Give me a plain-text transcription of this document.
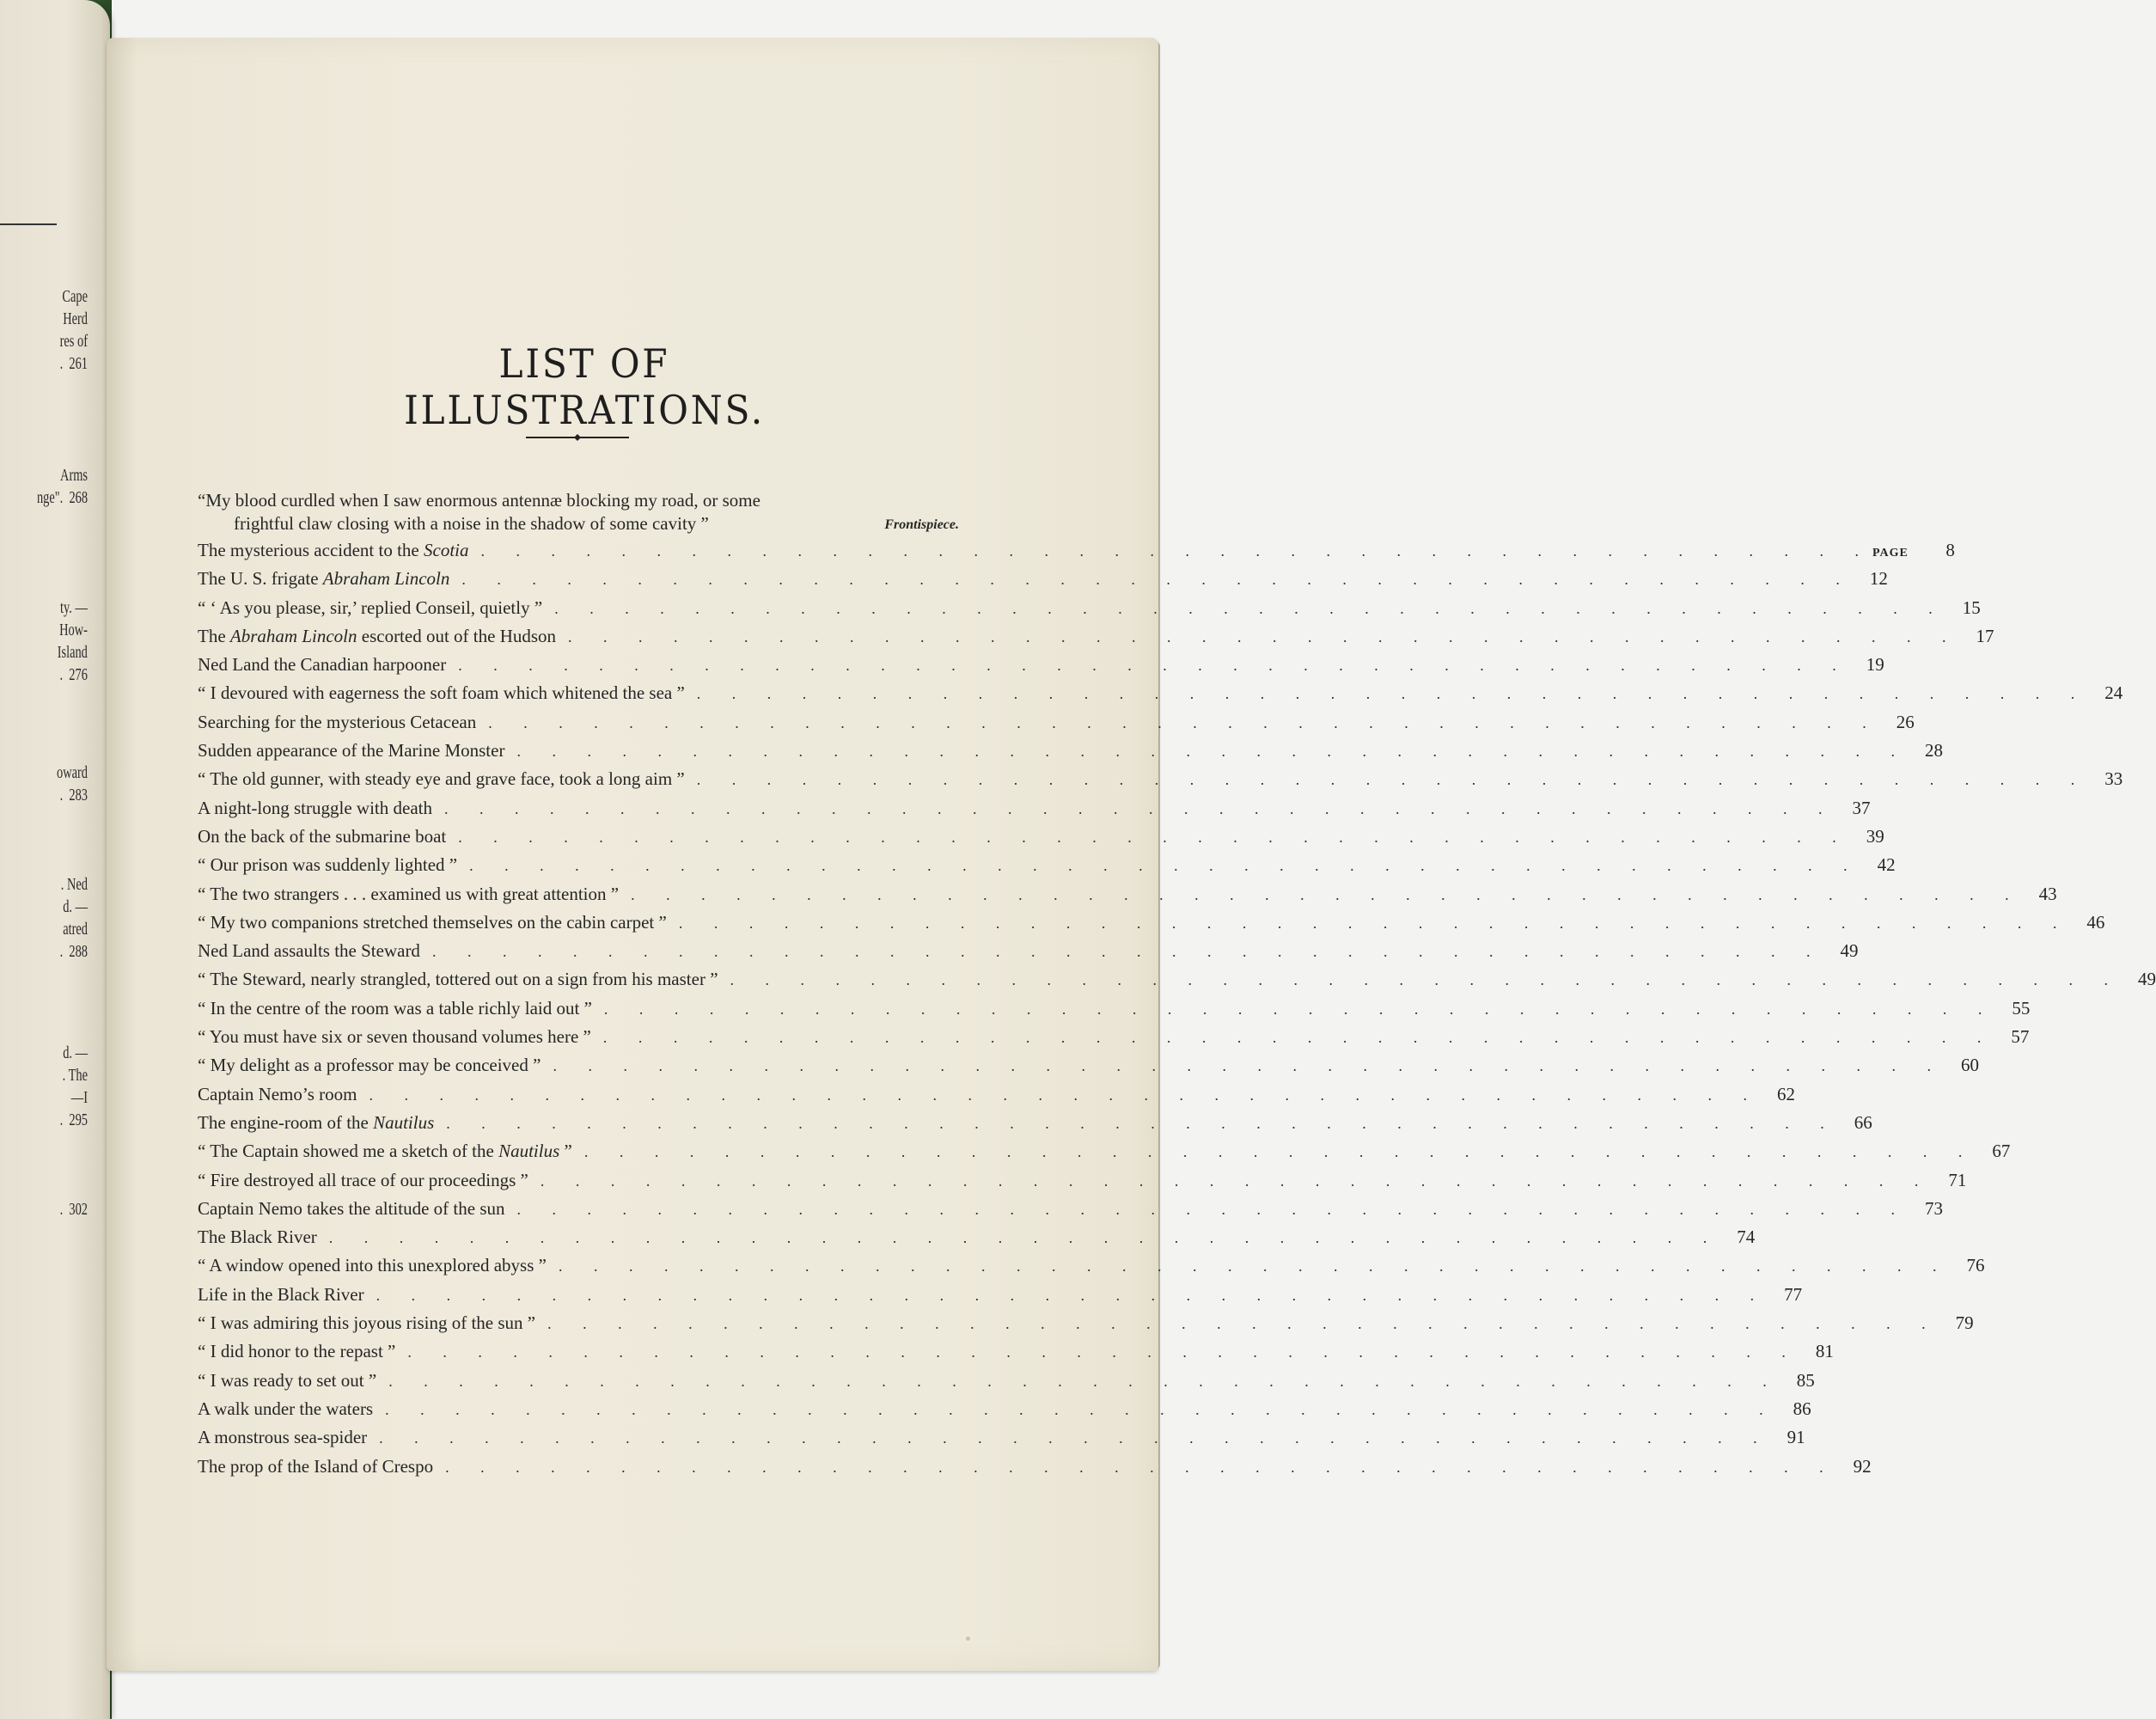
Cape
Herd
res of
.  261
Arms
nge".  268
ty. —
How-
Island
.  276
oward
.  283
. Ned
d. —
atred
.  288
d. —
. The
—I
.  295
.  302
LIST OF ILLUSTRATIONS.
“My blood curdled when I saw enormous antennæ blocking my road, or some
frightful claw closing with a noise in the shadow of some cavity ”	Frontispiece.
The mysterious accident to the Scotia . . . . . . . . . . . . . . . . . . . . . . . . . . . . . . . . . . . . . . . . PAGE	8
The U. S. frigate Abraham Lincoln . . . . . . . . . . . . . . . . . . . . . . . . . . . . . . . . . . . . . . . . 12
“ ‘ As you please, sir,’ replied Conseil, quietly ” . . . . . . . . . . . . . . . . . . . . . . . . . . . . . . . . . . . . . . . . 15
The Abraham Lincoln escorted out of the Hudson . . . . . . . . . . . . . . . . . . . . . . . . . . . . . . . . . . . . . . . . 17
Ned Land the Canadian harpooner . . . . . . . . . . . . . . . . . . . . . . . . . . . . . . . . . . . . . . . . 19
“ I devoured with eagerness the soft foam which whitened the sea ” . . . . . . . . . . . . . . . . . . . . . . . . . . . . . . . . . . . . . . . . 24
Searching for the mysterious Cetacean . . . . . . . . . . . . . . . . . . . . . . . . . . . . . . . . . . . . . . . . 26
Sudden appearance of the Marine Monster . . . . . . . . . . . . . . . . . . . . . . . . . . . . . . . . . . . . . . . . 28
“ The old gunner, with steady eye and grave face, took a long aim ” . . . . . . . . . . . . . . . . . . . . . . . . . . . . . . . . . . . . . . . . 33
A night-long struggle with death . . . . . . . . . . . . . . . . . . . . . . . . . . . . . . . . . . . . . . . . 37
On the back of the submarine boat . . . . . . . . . . . . . . . . . . . . . . . . . . . . . . . . . . . . . . . . 39
“ Our prison was suddenly lighted ” . . . . . . . . . . . . . . . . . . . . . . . . . . . . . . . . . . . . . . . . 42
“ The two strangers . . . examined us with great attention ” . . . . . . . . . . . . . . . . . . . . . . . . . . . . . . . . . . . . . . . . 43
“ My two companions stretched themselves on the cabin carpet ” . . . . . . . . . . . . . . . . . . . . . . . . . . . . . . . . . . . . . . . . 46
Ned Land assaults the Steward . . . . . . . . . . . . . . . . . . . . . . . . . . . . . . . . . . . . . . . . 49
“ The Steward, nearly strangled, tottered out on a sign from his master ” . . . . . . . . . . . . . . . . . . . . . . . . . . . . . . . . . . . . . . . . 49
“ In the centre of the room was a table richly laid out ” . . . . . . . . . . . . . . . . . . . . . . . . . . . . . . . . . . . . . . . . 55
“ You must have six or seven thousand volumes here ” . . . . . . . . . . . . . . . . . . . . . . . . . . . . . . . . . . . . . . . . 57
“ My delight as a professor may be conceived ” . . . . . . . . . . . . . . . . . . . . . . . . . . . . . . . . . . . . . . . . 60
Captain Nemo’s room . . . . . . . . . . . . . . . . . . . . . . . . . . . . . . . . . . . . . . . . 62
The engine-room of the Nautilus . . . . . . . . . . . . . . . . . . . . . . . . . . . . . . . . . . . . . . . . 66
“ The Captain showed me a sketch of the Nautilus ” . . . . . . . . . . . . . . . . . . . . . . . . . . . . . . . . . . . . . . . . 67
“ Fire destroyed all trace of our proceedings ” . . . . . . . . . . . . . . . . . . . . . . . . . . . . . . . . . . . . . . . . 71
Captain Nemo takes the altitude of the sun . . . . . . . . . . . . . . . . . . . . . . . . . . . . . . . . . . . . . . . . 73
The Black River . . . . . . . . . . . . . . . . . . . . . . . . . . . . . . . . . . . . . . . . 74
“ A window opened into this unexplored abyss ” . . . . . . . . . . . . . . . . . . . . . . . . . . . . . . . . . . . . . . . . 76
Life in the Black River . . . . . . . . . . . . . . . . . . . . . . . . . . . . . . . . . . . . . . . . 77
“ I was admiring this joyous rising of the sun ” . . . . . . . . . . . . . . . . . . . . . . . . . . . . . . . . . . . . . . . . 79
“ I did honor to the repast ” . . . . . . . . . . . . . . . . . . . . . . . . . . . . . . . . . . . . . . . . 81
“ I was ready to set out ” . . . . . . . . . . . . . . . . . . . . . . . . . . . . . . . . . . . . . . . . 85
A walk under the waters . . . . . . . . . . . . . . . . . . . . . . . . . . . . . . . . . . . . . . . . 86
A monstrous sea-spider . . . . . . . . . . . . . . . . . . . . . . . . . . . . . . . . . . . . . . . . 91
The prop of the Island of Crespo . . . . . . . . . . . . . . . . . . . . . . . . . . . . . . . . . . . . . . . . 92
